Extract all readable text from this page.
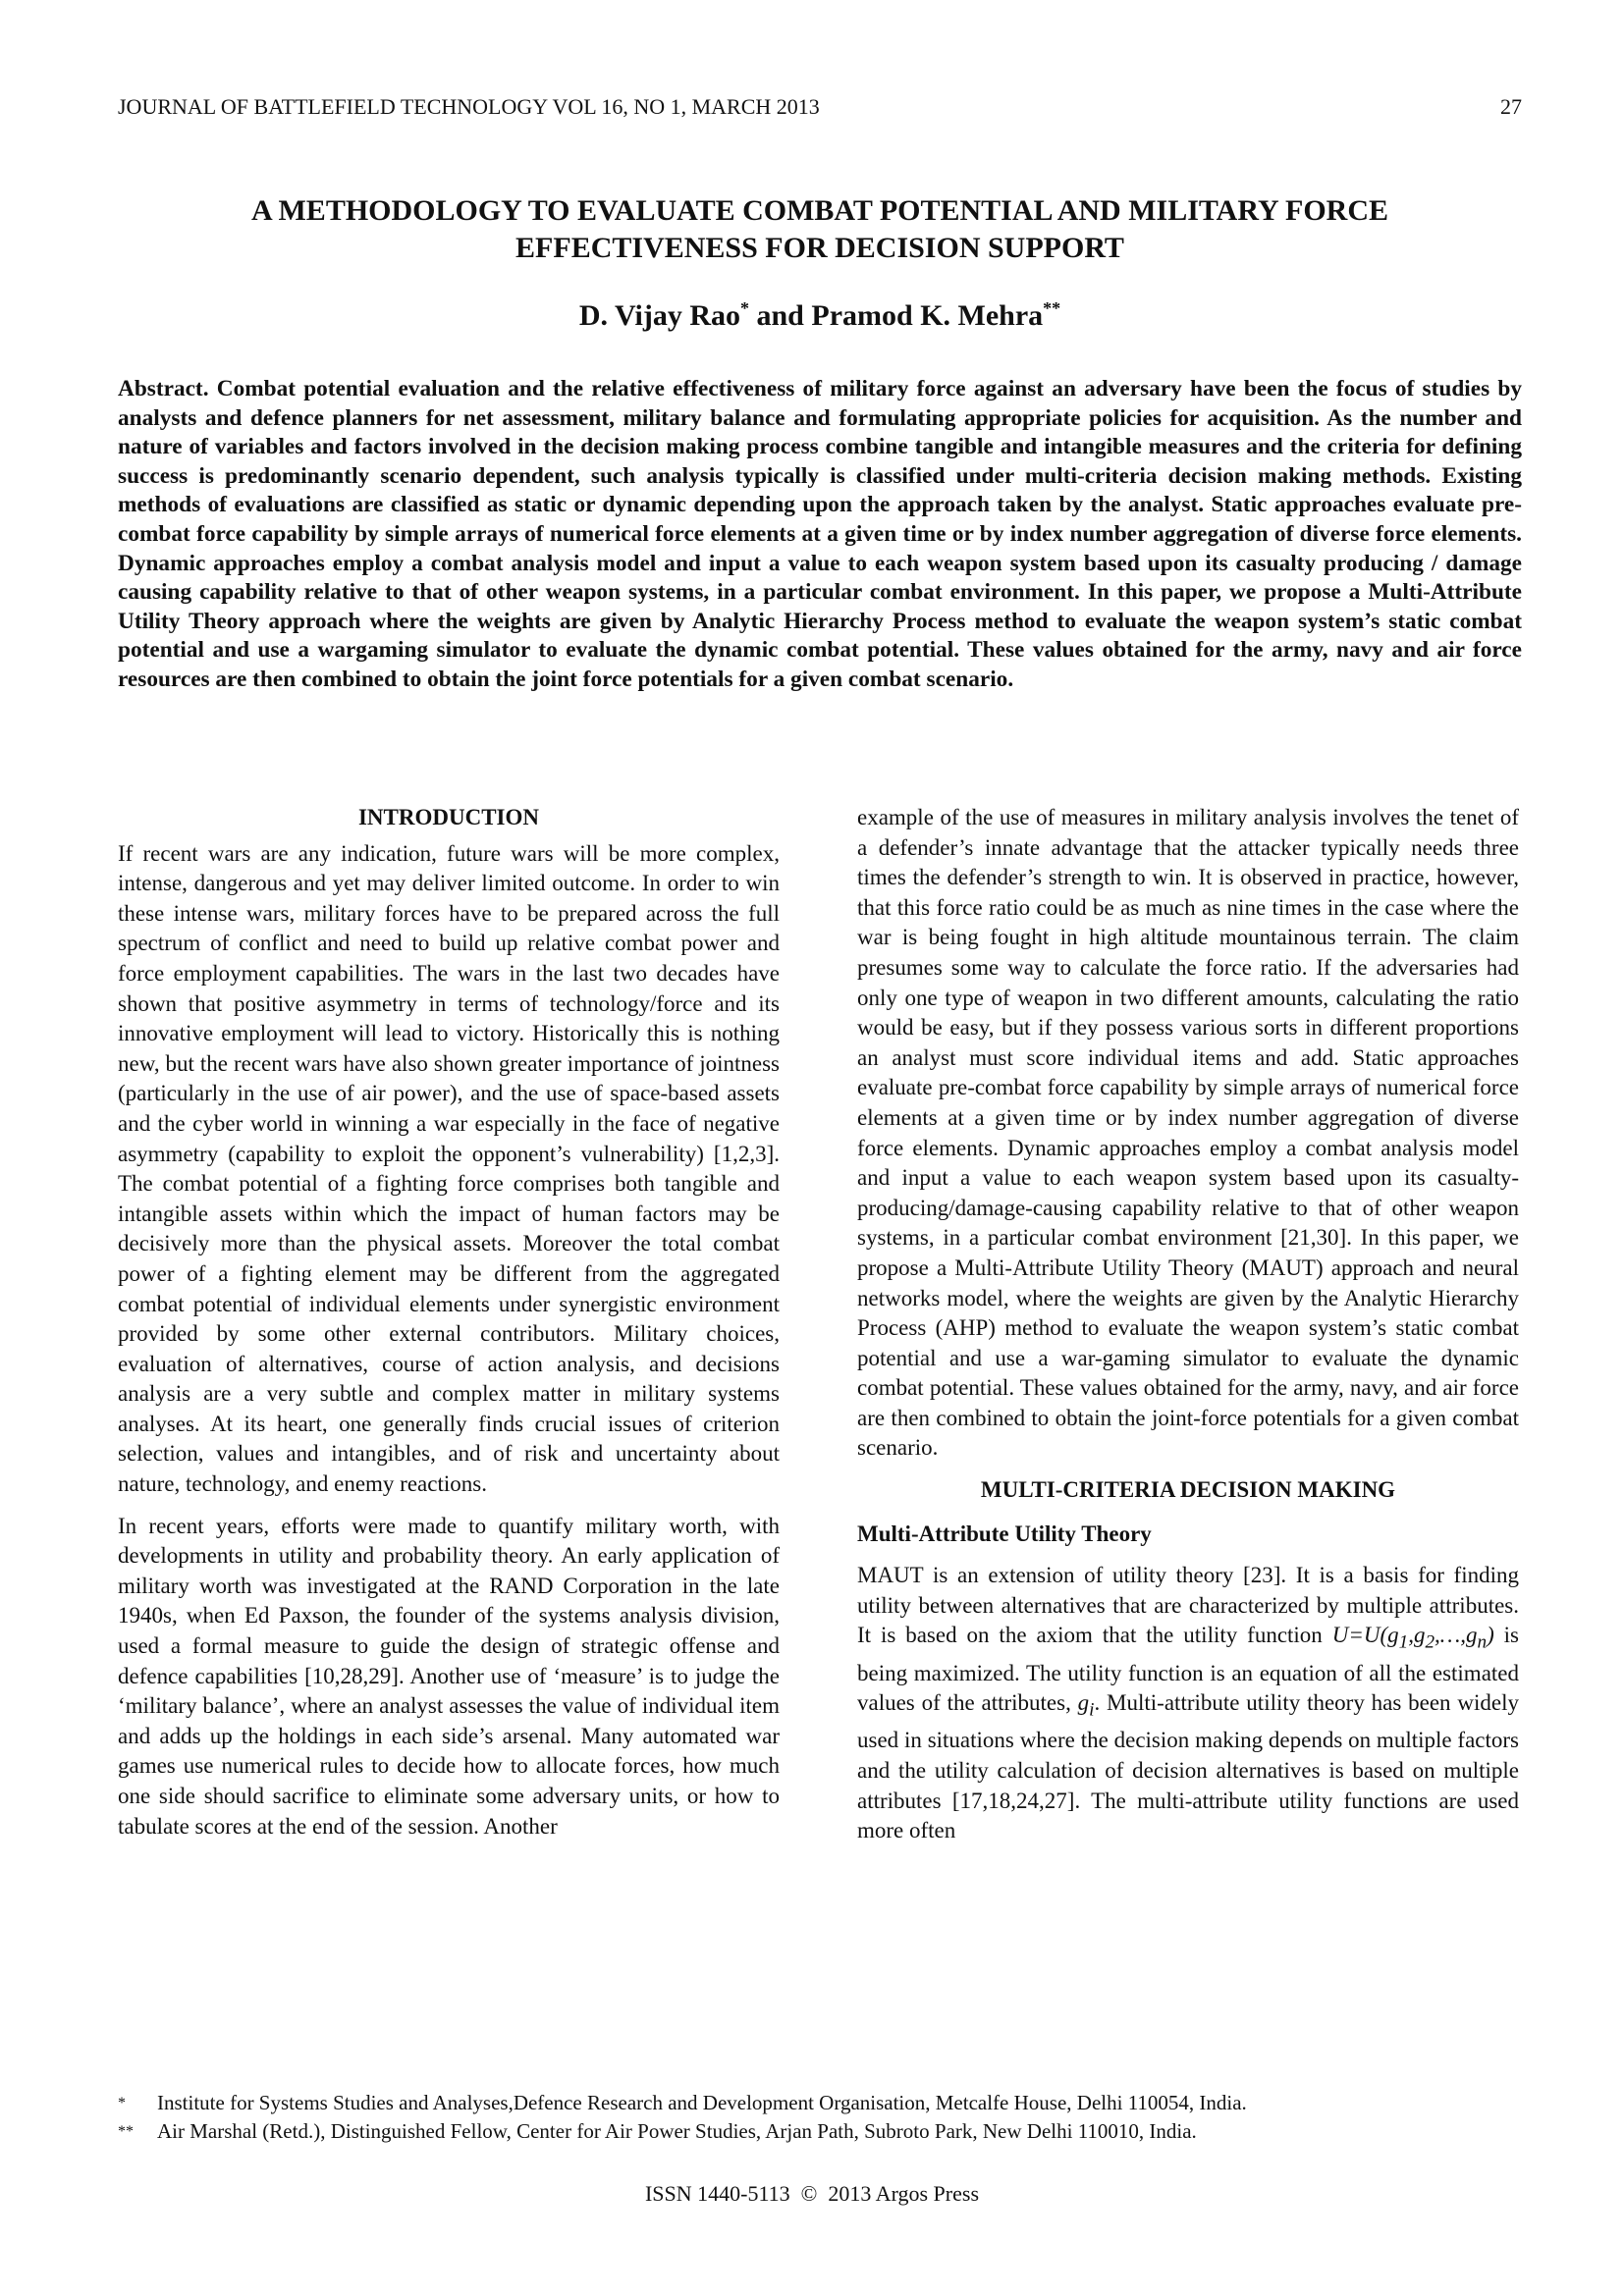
JOURNAL OF BATTLEFIELD TECHNOLOGY VOL 16, NO 1, MARCH 2013	27
A METHODOLOGY TO EVALUATE COMBAT POTENTIAL AND MILITARY FORCE
EFFECTIVENESS FOR DECISION SUPPORT
D. Vijay Rao* and Pramod K. Mehra**
Abstract. Combat potential evaluation and the relative effectiveness of military force against an adversary have been the focus of studies by analysts and defence planners for net assessment, military balance and formulating appropriate policies for acquisition. As the number and nature of variables and factors involved in the decision making process combine tangible and intangible measures and the criteria for defining success is predominantly scenario dependent, such analysis typically is classified under multi-criteria decision making methods. Existing methods of evaluations are classified as static or dynamic depending upon the approach taken by the analyst. Static approaches evaluate pre-combat force capability by simple arrays of numerical force elements at a given time or by index number aggregation of diverse force elements. Dynamic approaches employ a combat analysis model and input a value to each weapon system based upon its casualty producing / damage causing capability relative to that of other weapon systems, in a particular combat environment. In this paper, we propose a Multi-Attribute Utility Theory approach where the weights are given by Analytic Hierarchy Process method to evaluate the weapon system’s static combat potential and use a wargaming simulator to evaluate the dynamic combat potential. These values obtained for the army, navy and air force resources are then combined to obtain the joint force potentials for a given combat scenario.
INTRODUCTION

If recent wars are any indication, future wars will be more complex, intense, dangerous and yet may deliver limited outcome. In order to win these intense wars, military forces have to be prepared across the full spectrum of conflict and need to build up relative combat power and force employment capabilities. The wars in the last two decades have shown that positive asymmetry in terms of technology/force and its innovative employment will lead to victory. Historically this is nothing new, but the recent wars have also shown greater importance of jointness (particularly in the use of air power), and the use of space-based assets and the cyber world in winning a war especially in the face of negative asymmetry (capability to exploit the opponent’s vulnerability) [1,2,3]. The combat potential of a fighting force comprises both tangible and intangible assets within which the impact of human factors may be decisively more than the physical assets. Moreover the total combat power of a fighting element may be different from the aggregated combat potential of individual elements under synergistic environment provided by some other external contributors. Military choices, evaluation of alternatives, course of action analysis, and decisions analysis are a very subtle and complex matter in military systems analyses. At its heart, one generally finds crucial issues of criterion selection, values and intangibles, and of risk and uncertainty about nature, technology, and enemy reactions.

In recent years, efforts were made to quantify military worth, with developments in utility and probability theory. An early application of military worth was investigated at the RAND Corporation in the late 1940s, when Ed Paxson, the founder of the systems analysis division, used a formal measure to guide the design of strategic offense and defence capabilities [10,28,29]. Another use of ‘measure’ is to judge the ‘military balance’, where an analyst assesses the value of individual item and adds up the holdings in each side’s arsenal. Many automated war games use numerical rules to decide how to allocate forces, how much one side should sacrifice to eliminate some adversary units, or how to tabulate scores at the end of the session. Another

example of the use of measures in military analysis involves the tenet of a defender’s innate advantage that the attacker typically needs three times the defender’s strength to win. It is observed in practice, however, that this force ratio could be as much as nine times in the case where the war is being fought in high altitude mountainous terrain. The claim presumes some way to calculate the force ratio. If the adversaries had only one type of weapon in two different amounts, calculating the ratio would be easy, but if they possess various sorts in different proportions an analyst must score individual items and add. Static approaches evaluate pre-combat force capability by simple arrays of numerical force elements at a given time or by index number aggregation of diverse force elements. Dynamic approaches employ a combat analysis model and input a value to each weapon system based upon its casualty-producing/damage-causing capability relative to that of other weapon systems, in a particular combat environment [21,30]. In this paper, we propose a Multi-Attribute Utility Theory (MAUT) approach and neural networks model, where the weights are given by the Analytic Hierarchy Process (AHP) method to evaluate the weapon system’s static combat potential and use a war-gaming simulator to evaluate the dynamic combat potential. These values obtained for the army, navy, and air force are then combined to obtain the joint-force potentials for a given combat scenario.

MULTI-CRITERIA DECISION MAKING
Multi-Attribute Utility Theory

MAUT is an extension of utility theory [23]. It is a basis for finding utility between alternatives that are characterized by multiple attributes. It is based on the axiom that the utility function $U=U(g_1,g_2,\dots,g_n)$ is being maximized. The utility function is an equation of all the estimated values of the attributes, $g_i$. Multi-attribute utility theory has been widely used in situations where the decision making depends on multiple factors and the utility calculation of decision alternatives is based on multiple attributes [17,18,24,27]. The multi-attribute utility functions are used more often

*	Institute for Systems Studies and Analyses,Defence Research and Development Organisation, Metcalfe House, Delhi 110054, India.
**	Air Marshal (Retd.), Distinguished Fellow, Center for Air Power Studies, Arjan Path, Subroto Park, New Delhi 110010, India.
ISSN 1440-5113  ©  2013 Argos Press
